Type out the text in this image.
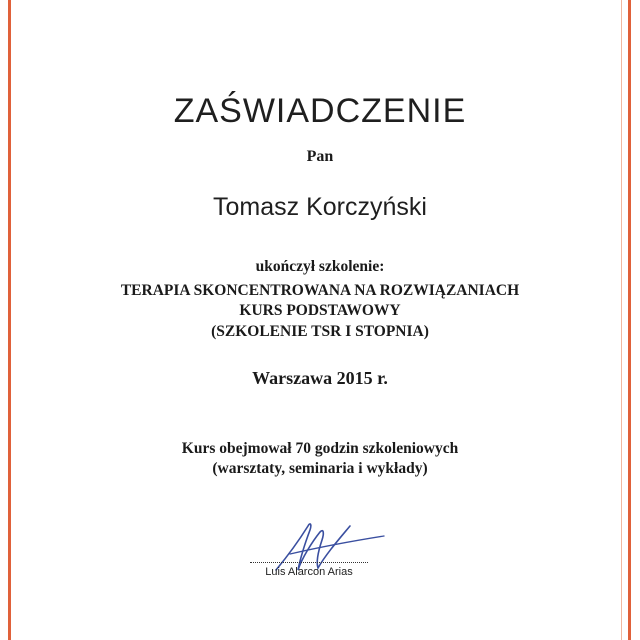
ZAŚWIADCZENIE
Pan
Tomasz Korczyński
ukończył szkolenie:
TERAPIA SKONCENTROWANA NA ROZWIĄZANIACH
KURS PODSTAWOWY
(SZKOLENIE TSR I STOPNIA)
Warszawa 2015 r.
Kurs obejmował 70 godzin szkoleniowych
(warsztaty, seminaria i wykłady)
Luis Alarcon Arias
